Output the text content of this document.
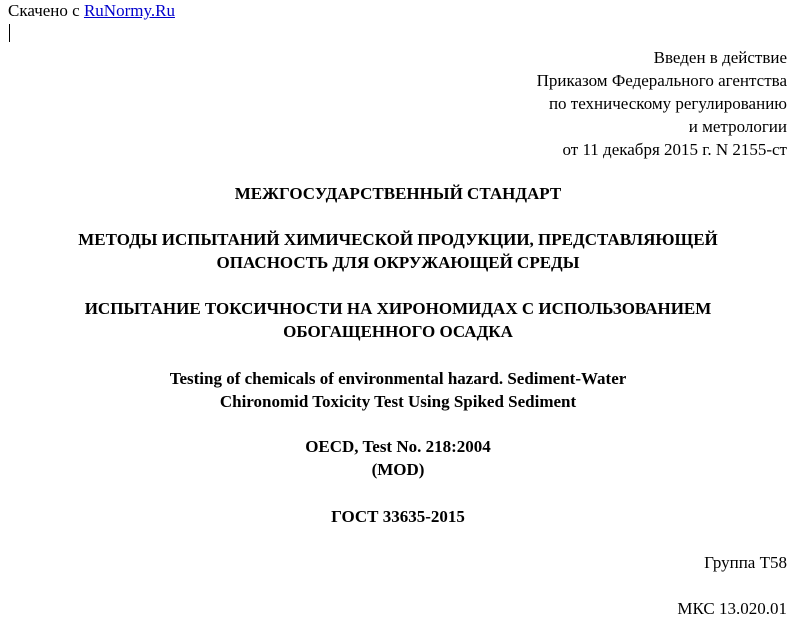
Скачено с RuNormy.Ru
Введен в действие
Приказом Федерального агентства
по техническому регулированию
и метрологии
от 11 декабря 2015 г. N 2155-ст
МЕЖГОСУДАРСТВЕННЫЙ СТАНДАРТ
МЕТОДЫ ИСПЫТАНИЙ ХИМИЧЕСКОЙ ПРОДУКЦИИ, ПРЕДСТАВЛЯЮЩЕЙ
ОПАСНОСТЬ ДЛЯ ОКРУЖАЮЩЕЙ СРЕДЫ
ИСПЫТАНИЕ ТОКСИЧНОСТИ НА ХИРОНОМИДАХ С ИСПОЛЬЗОВАНИЕМ
ОБОГАЩЕННОГО ОСАДКА
Testing of chemicals of environmental hazard. Sediment-Water
Chironomid Toxicity Test Using Spiked Sediment
OECD, Test No. 218:2004
(MOD)
ГОСТ 33635-2015
Группа Т58
МКС 13.020.01
